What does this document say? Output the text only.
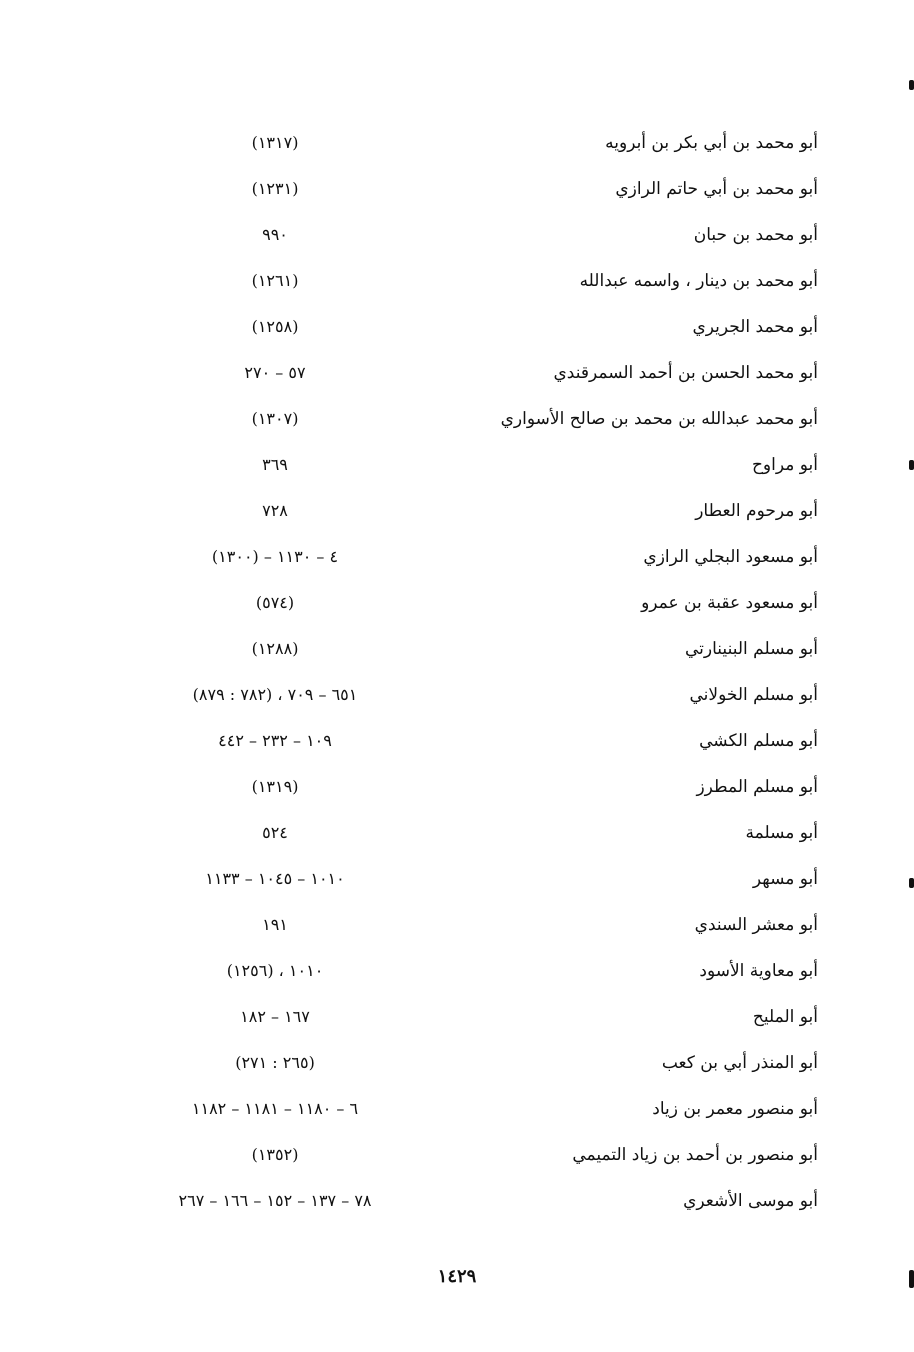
أبو محمد بن أبي بكر بن أبرويه
(١٣١٧)
أبو محمد بن أبي حاتم الرازي
(١٢٣١)
أبو محمد بن حبان
٩٩٠
أبو محمد بن دينار ، واسمه عبدالله
(١٢٦١)
أبو محمد الجريري
(١٢٥٨)
أبو محمد الحسن بن أحمد السمرقندي
٥٧ – ٢٧٠
أبو محمد عبدالله بن محمد بن صالح الأسواري
(١٣٠٧)
أبو مراوح
٣٦٩
أبو مرحوم العطار
٧٢٨
أبو مسعود البجلي الرازي
٤ – ١١٣٠ – (١٣٠٠)
أبو مسعود عقبة بن عمرو
(٥٧٤)
أبو مسلم البنينارتي
(١٢٨٨)
أبو مسلم الخولاني
٦٥١ – ٧٠٩ ، (٧٨٢ : ٨٧٩)
أبو مسلم الكشي
١٠٩ – ٢٣٢ – ٤٤٢
أبو مسلم المطرز
(١٣١٩)
أبو مسلمة
٥٢٤
أبو مسهر
١٠١٠ – ١٠٤٥ – ١١٣٣
أبو معشر السندي
١٩١
أبو معاوية الأسود
١٠١٠ ، (١٢٥٦)
أبو المليح
١٦٧ – ١٨٢
أبو المنذر أبي بن كعب
(٢٦٥ : ٢٧١)
أبو منصور معمر بن زياد
٦ – ١١٨٠ – ١١٨١ – ١١٨٢
أبو منصور بن أحمد بن زياد التميمي
(١٣٥٢)
أبو موسى الأشعري
٧٨ – ١٣٧ – ١٥٢ – ١٦٦ – ٢٦٧
١٤٢٩
